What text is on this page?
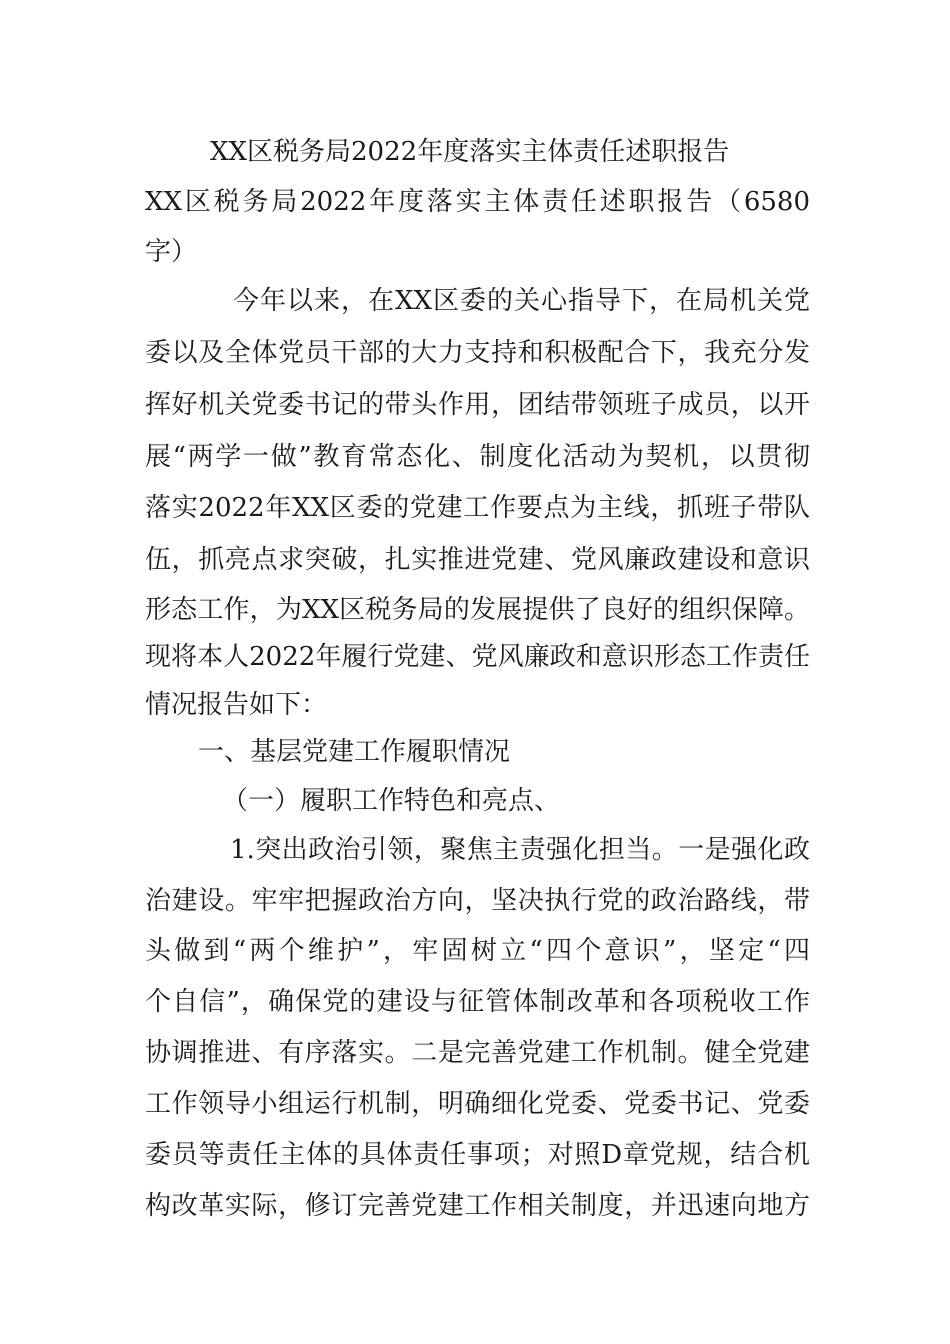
XX区税务局2022年度落实主体责任述职报告
XX区税务局2022年度落实主体责任述职报告（6580
字）
今年以来，在XX区委的关心指导下，在局机关党
委以及全体党员干部的大力支持和积极配合下，我充分发
挥好机关党委书记的带头作用，团结带领班子成员，以开
展“两学一做”教育常态化、制度化活动为契机，以贯彻
落实2022年XX区委的党建工作要点为主线，抓班子带队
伍，抓亮点求突破，扎实推进党建、党风廉政建设和意识
形态工作，为XX区税务局的发展提供了良好的组织保障。
现将本人2022年履行党建、党风廉政和意识形态工作责任
情况报告如下：
一、基层党建工作履职情况
（一）履职工作特色和亮点、
1.突出政治引领，聚焦主责强化担当。一是强化政
治建设。牢牢把握政治方向，坚决执行党的政治路线，带
头做到“两个维护”，牢固树立“四个意识”，坚定“四
个自信”，确保党的建设与征管体制改革和各项税收工作
协调推进、有序落实。二是完善党建工作机制。健全党建
工作领导小组运行机制，明确细化党委、党委书记、党委
委员等责任主体的具体责任事项；对照D章党规，结合机
构改革实际，修订完善党建工作相关制度，并迅速向地方
